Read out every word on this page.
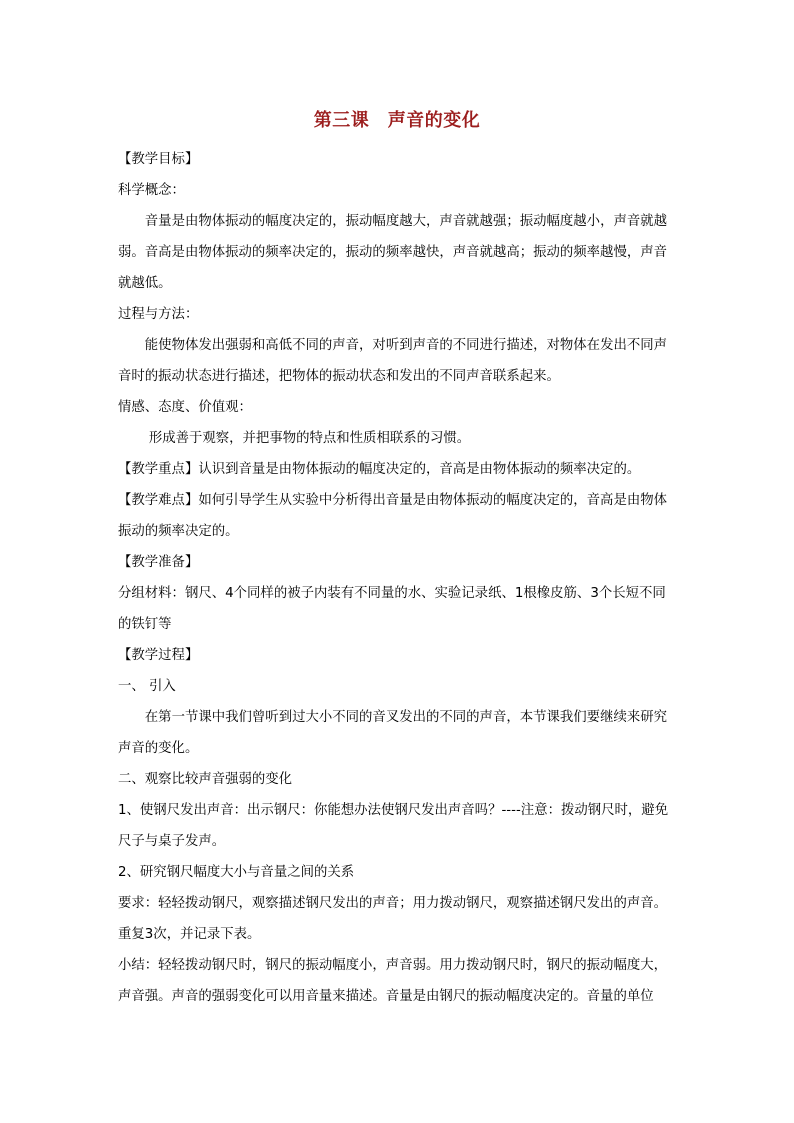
第三课　声音的变化

【教学目标】

科学概念：

音量是由物体振动的幅度决定的，振动幅度越大，声音就越强；振动幅度越小，声音就越弱。音高是由物体振动的频率决定的，振动的频率越快，声音就越高；振动的频率越慢，声音就越低。

过程与方法：

能使物体发出强弱和高低不同的声音，对听到声音的不同进行描述，对物体在发出不同声音时的振动状态进行描述，把物体的振动状态和发出的不同声音联系起来。

情感、态度、价值观：

形成善于观察，并把事物的特点和性质相联系的习惯。

【教学重点】认识到音量是由物体振动的幅度决定的，音高是由物体振动的频率决定的。

【教学难点】如何引导学生从实验中分析得出音量是由物体振动的幅度决定的，音高是由物体振动的频率决定的。

【教学准备】

分组材料：钢尺、4个同样的被子内装有不同量的水、实验记录纸、1根橡皮筋、3个长短不同的铁钉等

【教学过程】

一、 引入

在第一节课中我们曾听到过大小不同的音叉发出的不同的声音，本节课我们要继续来研究声音的变化。

二、观察比较声音强弱的变化

1、使钢尺发出声音：出示钢尺：你能想办法使钢尺发出声音吗？----注意：拨动钢尺时，避免尺子与桌子发声。

2、研究钢尺幅度大小与音量之间的关系

要求：轻轻拨动钢尺，观察描述钢尺发出的声音；用力拨动钢尺，观察描述钢尺发出的声音。重复3次，并记录下表。

小结：轻轻拨动钢尺时，钢尺的振动幅度小，声音弱。用力拨动钢尺时，钢尺的振动幅度大，声音强。声音的强弱变化可以用音量来描述。音量是由钢尺的振动幅度决定的。音量的单位
